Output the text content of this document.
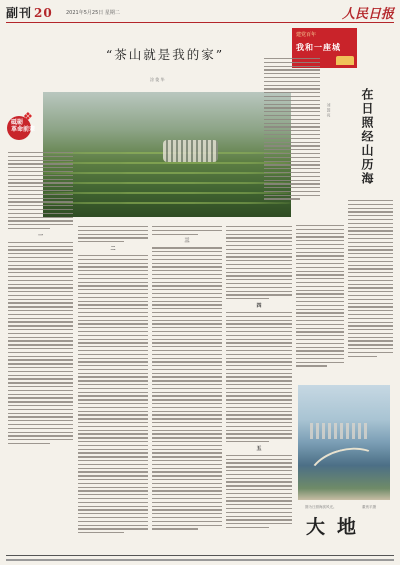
副刊 20	2021年5月25日 星期二	人民日报
“茶山就是我的家”
涂 俊 华
❖
砥砺
革命前辈
一
二
三
四
五
建党百年
我和一座城
在日照经山历海
刘 国 亮
图为日照海滨风光。	董贵平摄
大地
